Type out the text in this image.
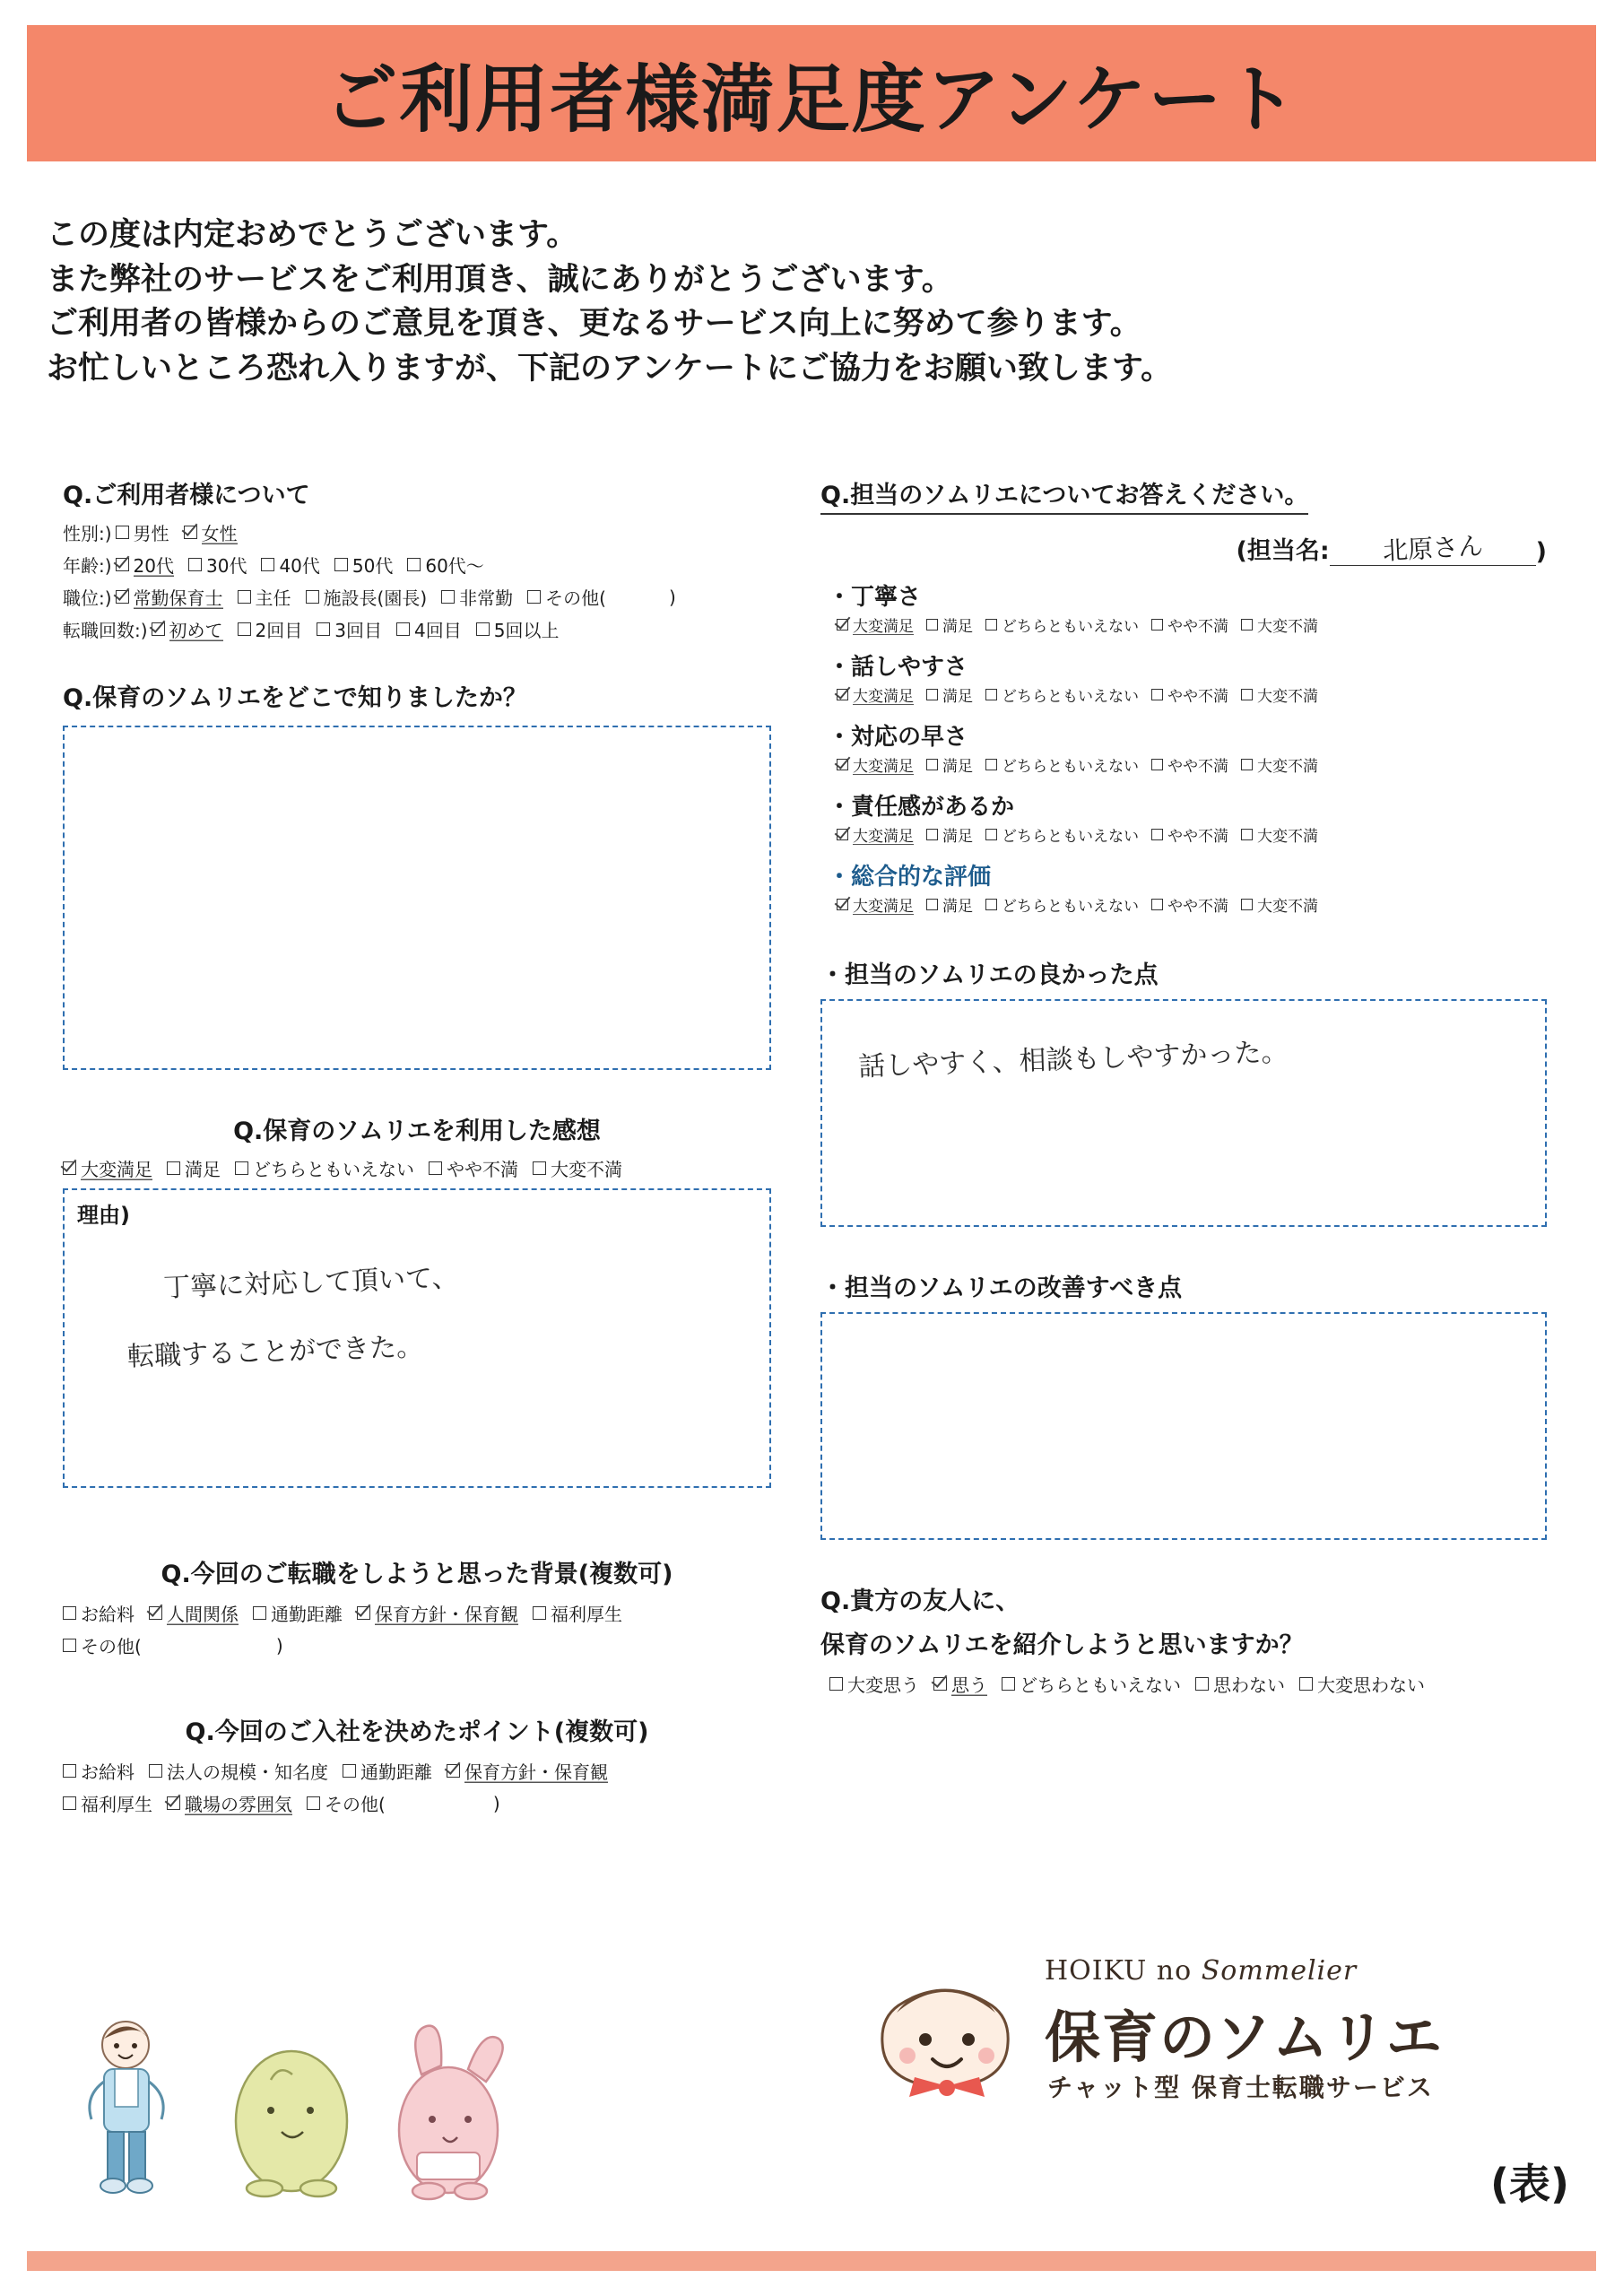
ご利用者様満足度アンケート
この度は内定おめでとうございます。
また弊社のサービスをご利用頂き、誠にありがとうございます。
ご利用者の皆様からのご意見を頂き、更なるサービス向上に努めて参ります。
お忙しいところ恐れ入りますが、下記のアンケートにご協力をお願い致します。
Q.ご利用者様について
性別:) 男性 女性
年齢:) 20代 30代 40代 50代 60代〜
職位:) 常勤保育士 主任 施設長(園長) 非常勤 その他(	)
転職回数:) 初めて 2回目 3回目 4回目 5回以上
Q.保育のソムリエをどこで知りましたか？
Q.保育のソムリエを利用した感想
大変満足 満足 どちらともいえない やや不満 大変不満
理由)
丁寧に対応して頂いて、
転職することができた。
Q.今回のご転職をしようと思った背景(複数可)
お給料 人間関係 通勤距離 保育方針・保育観 福利厚生
その他(	)
Q.今回のご入社を決めたポイント(複数可)
お給料 法人の規模・知名度 通勤距離 保育方針・保育観
福利厚生 職場の雰囲気 その他(	)
Q.担当のソムリエについてお答えください。
(担当名:	北原さん	)
・丁寧さ
大変満足 満足 どちらともいえない やや不満 大変不満
・話しやすさ
大変満足 満足 どちらともいえない やや不満 大変不満
・対応の早さ
大変満足 満足 どちらともいえない やや不満 大変不満
・責任感があるか
大変満足 満足 どちらともいえない やや不満 大変不満
・総合的な評価
大変満足 満足 どちらともいえない やや不満 大変不満
・担当のソムリエの良かった点
話しやすく、相談もしやすかった。
・担当のソムリエの改善すべき点
Q.貴方の友人に、
保育のソムリエを紹介しようと思いますか？
大変思う 思う どちらともいえない 思わない 大変思わない
HOIKU no Sommelier
保育のソムリエ
チャット型 保育士転職サービス
(表)
